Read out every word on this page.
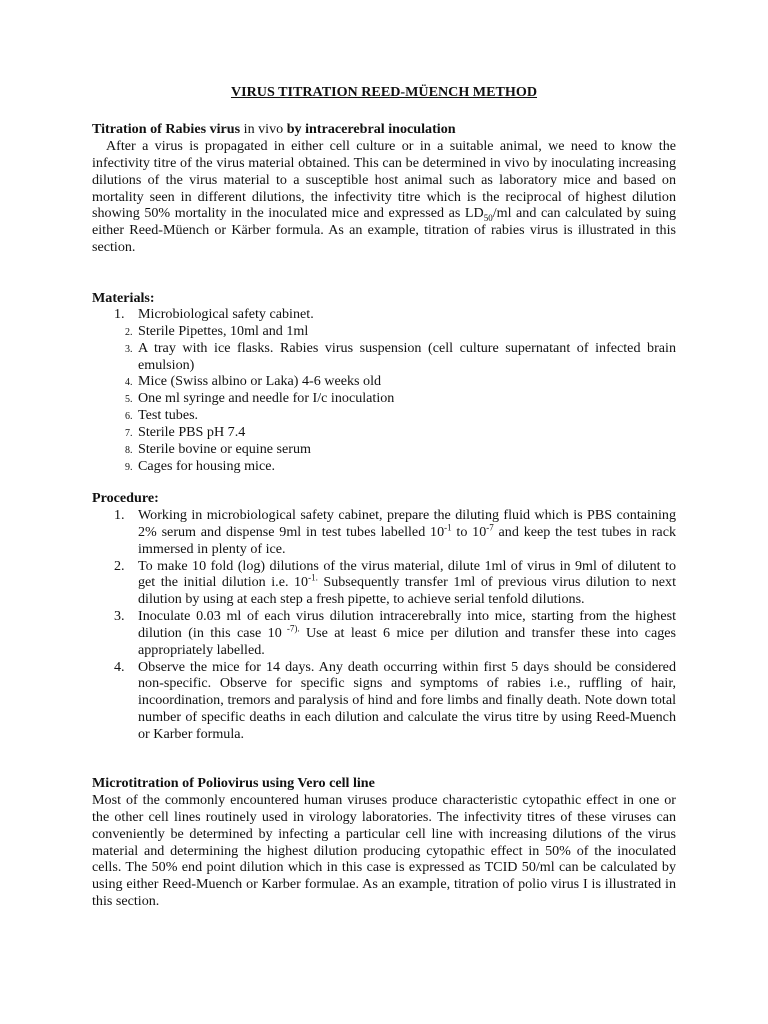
VIRUS TITRATION REED-MÜENCH METHOD
Titration of Rabies virus in vivo by intracerebral inoculation
After a virus is propagated in either cell culture or in a suitable animal, we need to know the infectivity titre of the virus material obtained. This can be determined in vivo by inoculating increasing dilutions of the virus material to a susceptible host animal such as laboratory mice and based on mortality seen in different dilutions, the infectivity titre which is the reciprocal of highest dilution showing 50% mortality in the inoculated mice and expressed as $LD_{50}/ml$ and can calculated by suing either Reed-Müench or Kärber formula. As an example, titration of rabies virus is illustrated in this section.
Materials:
1. Microbiological safety cabinet.
2. Sterile Pipettes, 10ml and 1ml
3. A tray with ice flasks. Rabies virus suspension (cell culture supernatant of infected brain emulsion)
4. Mice (Swiss albino or Laka) 4-6 weeks old
5. One ml syringe and needle for I/c inoculation
6. Test tubes.
7. Sterile PBS pH 7.4
8. Sterile bovine or equine serum
9. Cages for housing mice.
Procedure:
1. Working in microbiological safety cabinet, prepare the diluting fluid which is PBS containing 2% serum and dispense 9ml in test tubes labelled $10^{-1}$ to $10^{-7}$ and keep the test tubes in rack immersed in plenty of ice.
2. To make 10 fold (log) dilutions of the virus material, dilute 1ml of virus in 9ml of dilutent to get the initial dilution i.e. $10^{-1.}$ Subsequently transfer 1ml of previous virus dilution to next dilution by using at each step a fresh pipette, to achieve serial tenfold dilutions.
3. Inoculate 0.03 ml of each virus dilution intracerebrally into mice, starting from the highest dilution (in this case 10 $^{-7).}$ Use at least 6 mice per dilution and transfer these into cages appropriately labelled.
4. Observe the mice for 14 days. Any death occurring within first 5 days should be considered non-specific. Observe for specific signs and symptoms of rabies i.e., ruffling of hair, incoordination, tremors and paralysis of hind and fore limbs and finally death. Note down total number of specific deaths in each dilution and calculate the virus titre by using Reed-Muench or Karber formula.
Microtitration of Poliovirus using Vero cell line
Most of the commonly encountered human viruses produce characteristic cytopathic effect in one or the other cell lines routinely used in virology laboratories. The infectivity titres of these viruses can conveniently be determined by infecting a particular cell line with increasing dilutions of the virus material and determining the highest dilution producing cytopathic effect in 50% of the inoculated cells. The 50% end point dilution which in this case is expressed as TCID 50/ml can be calculated by using either Reed-Muench or Karber formulae. As an example, titration of polio virus I is illustrated in this section.
